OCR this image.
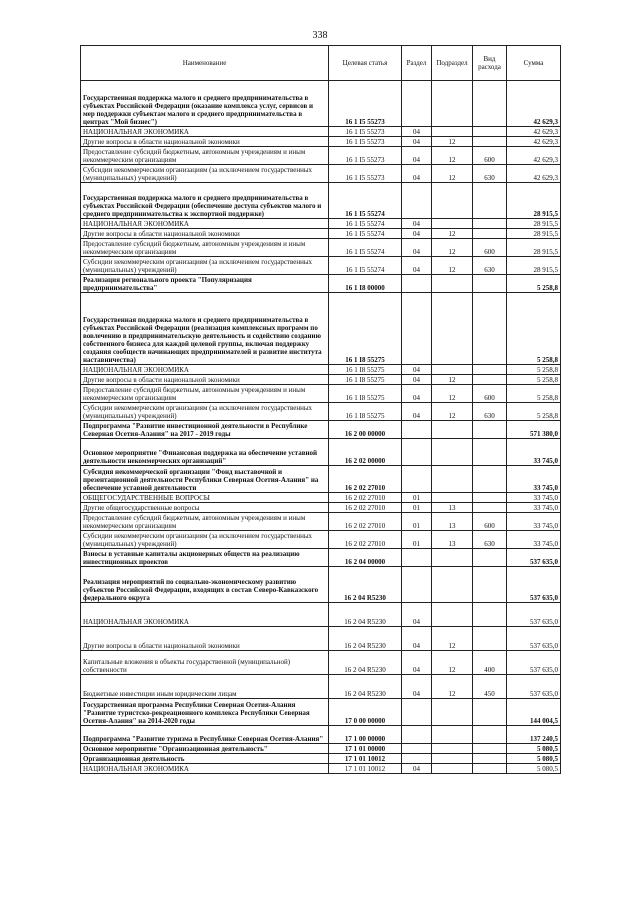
338
Наименование	Целевая статья	Раздел	Подраздел	Вид расхода	Сумма
Государственная поддержка малого и среднего предпринимательства в субъектах Российской Федерации (оказание комплекса услуг, сервисов и мер поддержки субъектам малого и среднего предпринимательства в центрах "Мой бизнес")	16 1 I5 55273				42 629,3
НАЦИОНАЛЬНАЯ ЭКОНОМИКА	16 1 I5 55273	04			42 629,3
Другие вопросы в области национальной экономики	16 1 I5 55273	04	12		42 629,3
Предоставление субсидий бюджетным, автономным учреждениям и иным некоммерческим организациям	16 1 I5 55273	04	12	600	42 629,3
Субсидии некоммерческим организациям (за исключением государственных (муниципальных) учреждений)	16 1 I5 55273	04	12	630	42 629,3
Государственная поддержка малого и среднего предпринимательства в субъектах Российской Федерации (обеспечение доступа субъектов малого и среднего предпринимательства к экспортной поддержке)	16 1 I5 55274				28 915,5
НАЦИОНАЛЬНАЯ ЭКОНОМИКА	16 1 I5 55274	04			28 915,5
Другие вопросы в области национальной экономики	16 1 I5 55274	04	12		28 915,5
Предоставление субсидий бюджетным, автономным учреждениям и иным некоммерческим организациям	16 1 I5 55274	04	12	600	28 915,5
Субсидии некоммерческим организациям (за исключением государственных (муниципальных) учреждений)	16 1 I5 55274	04	12	630	28 915,5
Реализация регионального проекта "Популяризация предпринимательства"	16 1 I8 00000				5 258,8
Государственная поддержка малого и среднего предпринимательства в субъектах Российской Федерации (реализация комплексных программ по вовлечению в предпринимательскую деятельность и содействию созданию собственного бизнеса для каждой целевой группы, включая поддержку создания сообществ начинающих предпринимателей и развитие института наставничества)	16 1 I8 55275				5 258,8
НАЦИОНАЛЬНАЯ ЭКОНОМИКА	16 1 I8 55275	04			5 258,8
Другие вопросы в области национальной экономики	16 1 I8 55275	04	12		5 258,8
Предоставление субсидий бюджетным, автономным учреждениям и иным некоммерческим организациям	16 1 I8 55275	04	12	600	5 258,8
Субсидии некоммерческим организациям (за исключением государственных (муниципальных) учреждений)	16 1 I8 55275	04	12	630	5 258,8
Подпрограмма "Развитие инвестиционной деятельности в Республике Северная Осетия-Алания" на 2017 - 2019 годы	16 2 00 00000				571 380,0
Основное мероприятие "Финансовая поддержка на обеспечение уставной деятельности некоммерческих организаций"	16 2 02 00000				33 745,0
Субсидия некоммерческой организации "Фонд выставочной и презентационной деятельности Республики Северная Осетия-Алания" на обеспечение уставной деятельности	16 2 02 27010				33 745,0
ОБЩЕГОСУДАРСТВЕННЫЕ ВОПРОСЫ	16 2 02 27010	01			33 745,0
Другие общегосударственные вопросы	16 2 02 27010	01	13		33 745,0
Предоставление субсидий бюджетным, автономным учреждениям и иным некоммерческим организациям	16 2 02 27010	01	13	600	33 745,0
Субсидии некоммерческим организациям (за исключением государственных (муниципальных) учреждений)	16 2 02 27010	01	13	630	33 745,0
Взносы в уставные капиталы акционерных обществ на реализацию инвестиционных проектов	16 2 04 00000				537 635,0
Реализация мероприятий по социально-экономическому развитию субъектов Российской Федерации, входящих в состав Северо-Кавказского федерального округа	16 2 04 R5230				537 635,0
НАЦИОНАЛЬНАЯ ЭКОНОМИКА	16 2 04 R5230	04			537 635,0
Другие вопросы в области национальной экономики	16 2 04 R5230	04	12		537 635,0
Капитальные вложения в объекты государственной (муниципальной) собственности	16 2 04 R5230	04	12	400	537 635,0
Бюджетные инвестиции иным юридическим лицам	16 2 04 R5230	04	12	450	537 635,0
Государственная программа Республики Северная Осетия-Алания "Развитие туристско-рекреационного комплекса Республики Северная Осетия-Алания" на 2014-2020 годы	17 0 00 00000				144 004,5
Подпрограмма "Развитие туризма в Республике Северная Осетия-Алания"	17 1 00 00000				137 240,5
Основное мероприятие "Организационная деятельность"	17 1 01 00000				5 080,5
Организационная деятельность	17 1 01 10012				5 080,5
НАЦИОНАЛЬНАЯ ЭКОНОМИКА	17 1 01 10012	04			5 080,5
